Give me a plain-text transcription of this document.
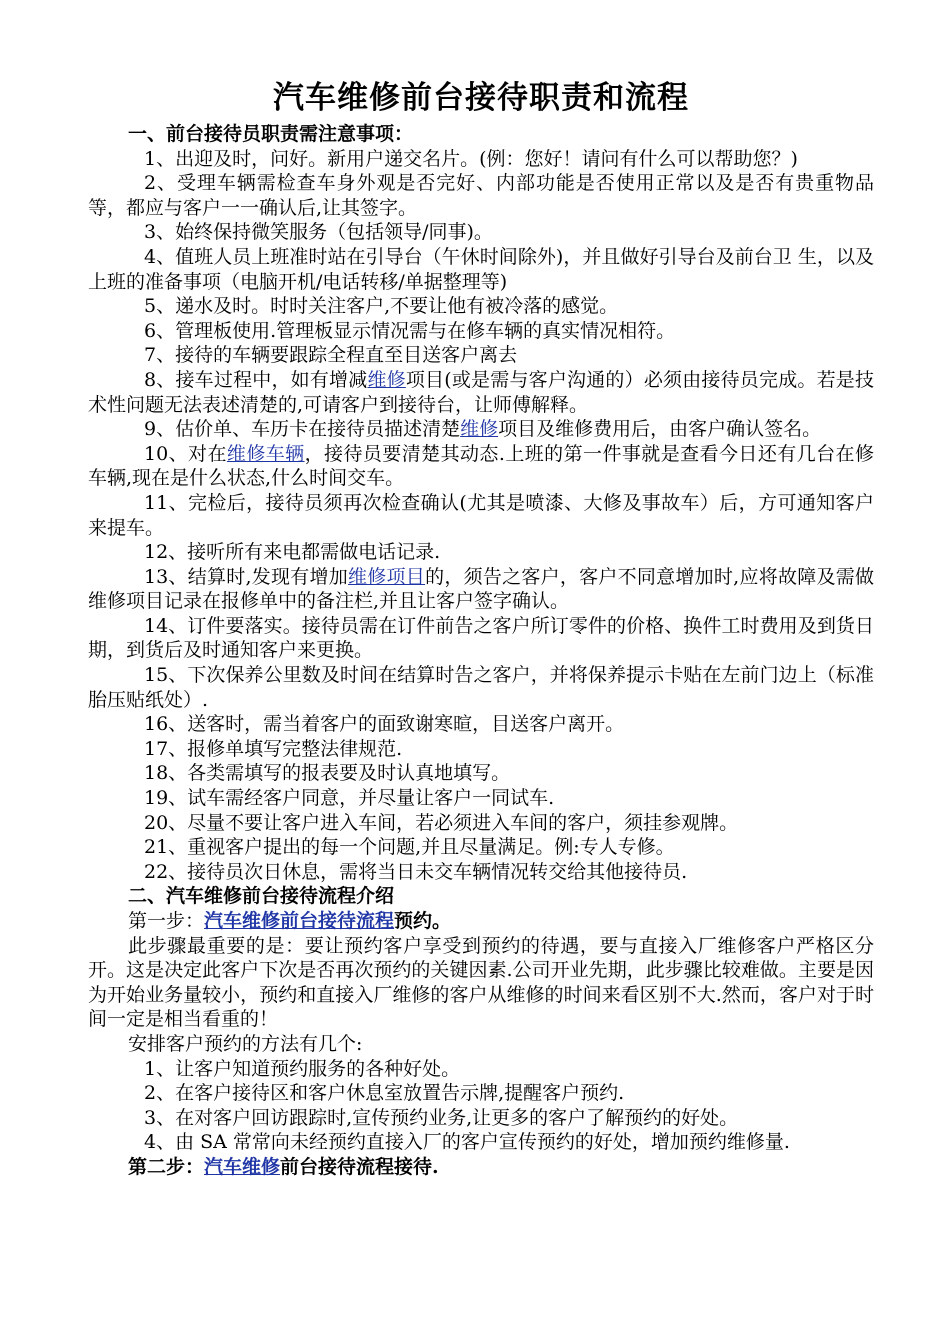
汽车维修前台接待职责和流程

一、前台接待员职责需注意事项：

1、出迎及时，问好。新用户递交名片。(例：您好！请问有什么可以帮助您？)

2、受理车辆需检查车身外观是否完好、内部功能是否使用正常以及是否有贵重物品等，都应与客户一一确认后,让其签字。

3、始终保持微笑服务（包括领导/同事)。

4、值班人员上班准时站在引导台（午休时间除外)，并且做好引导台及前台卫 生，以及上班的准备事项（电脑开机/电话转移/单据整理等)

5、递水及时。时时关注客户,不要让他有被冷落的感觉。

6、管理板使用.管理板显示情况需与在修车辆的真实情况相符。

7、接待的车辆要跟踪全程直至目送客户离去

8、接车过程中，如有增减维修项目(或是需与客户沟通的）必须由接待员完成。若是技术性问题无法表述清楚的,可请客户到接待台，让师傅解释。

9、估价单、车历卡在接待员描述清楚维修项目及维修费用后，由客户确认签名。

10、对在维修车辆，接待员要清楚其动态.上班的第一件事就是查看今日还有几台在修车辆,现在是什么状态,什么时间交车。

11、完检后，接待员须再次检查确认(尤其是喷漆、大修及事故车）后，方可通知客户来提车。

12、接听所有来电都需做电话记录.

13、结算时,发现有增加维修项目的，须告之客户，客户不同意增加时,应将故障及需做维修项目记录在报修单中的备注栏,并且让客户签字确认。

14、订件要落实。接待员需在订件前告之客户所订零件的价格、换件工时费用及到货日期，到货后及时通知客户来更换。

15、下次保养公里数及时间在结算时告之客户，并将保养提示卡贴在左前门边上（标准胎压贴纸处）.

16、送客时，需当着客户的面致谢寒暄，目送客户离开。

17、报修单填写完整法律规范.

18、各类需填写的报表要及时认真地填写。

19、试车需经客户同意，并尽量让客户一同试车.

20、尽量不要让客户进入车间，若必须进入车间的客户，须挂参观牌。

21、重视客户提出的每一个问题,并且尽量满足。例:专人专修。

22、接待员次日休息，需将当日未交车辆情况转交给其他接待员.

二、汽车维修前台接待流程介绍

第一步：汽车维修前台接待流程预约。

此步骤最重要的是：要让预约客户享受到预约的待遇，要与直接入厂维修客户严格区分开。这是决定此客户下次是否再次预约的关键因素.公司开业先期，此步骤比较难做。主要是因为开始业务量较小，预约和直接入厂维修的客户从维修的时间来看区别不大.然而，客户对于时间一定是相当看重的！

安排客户预约的方法有几个:

1、让客户知道预约服务的各种好处。

2、在客户接待区和客户休息室放置告示牌,提醒客户预约.

3、在对客户回访跟踪时,宣传预约业务,让更多的客户了解预约的好处。

4、由 SA 常常向未经预约直接入厂的客户宣传预约的好处，增加预约维修量.

第二步：汽车维修前台接待流程接待.
